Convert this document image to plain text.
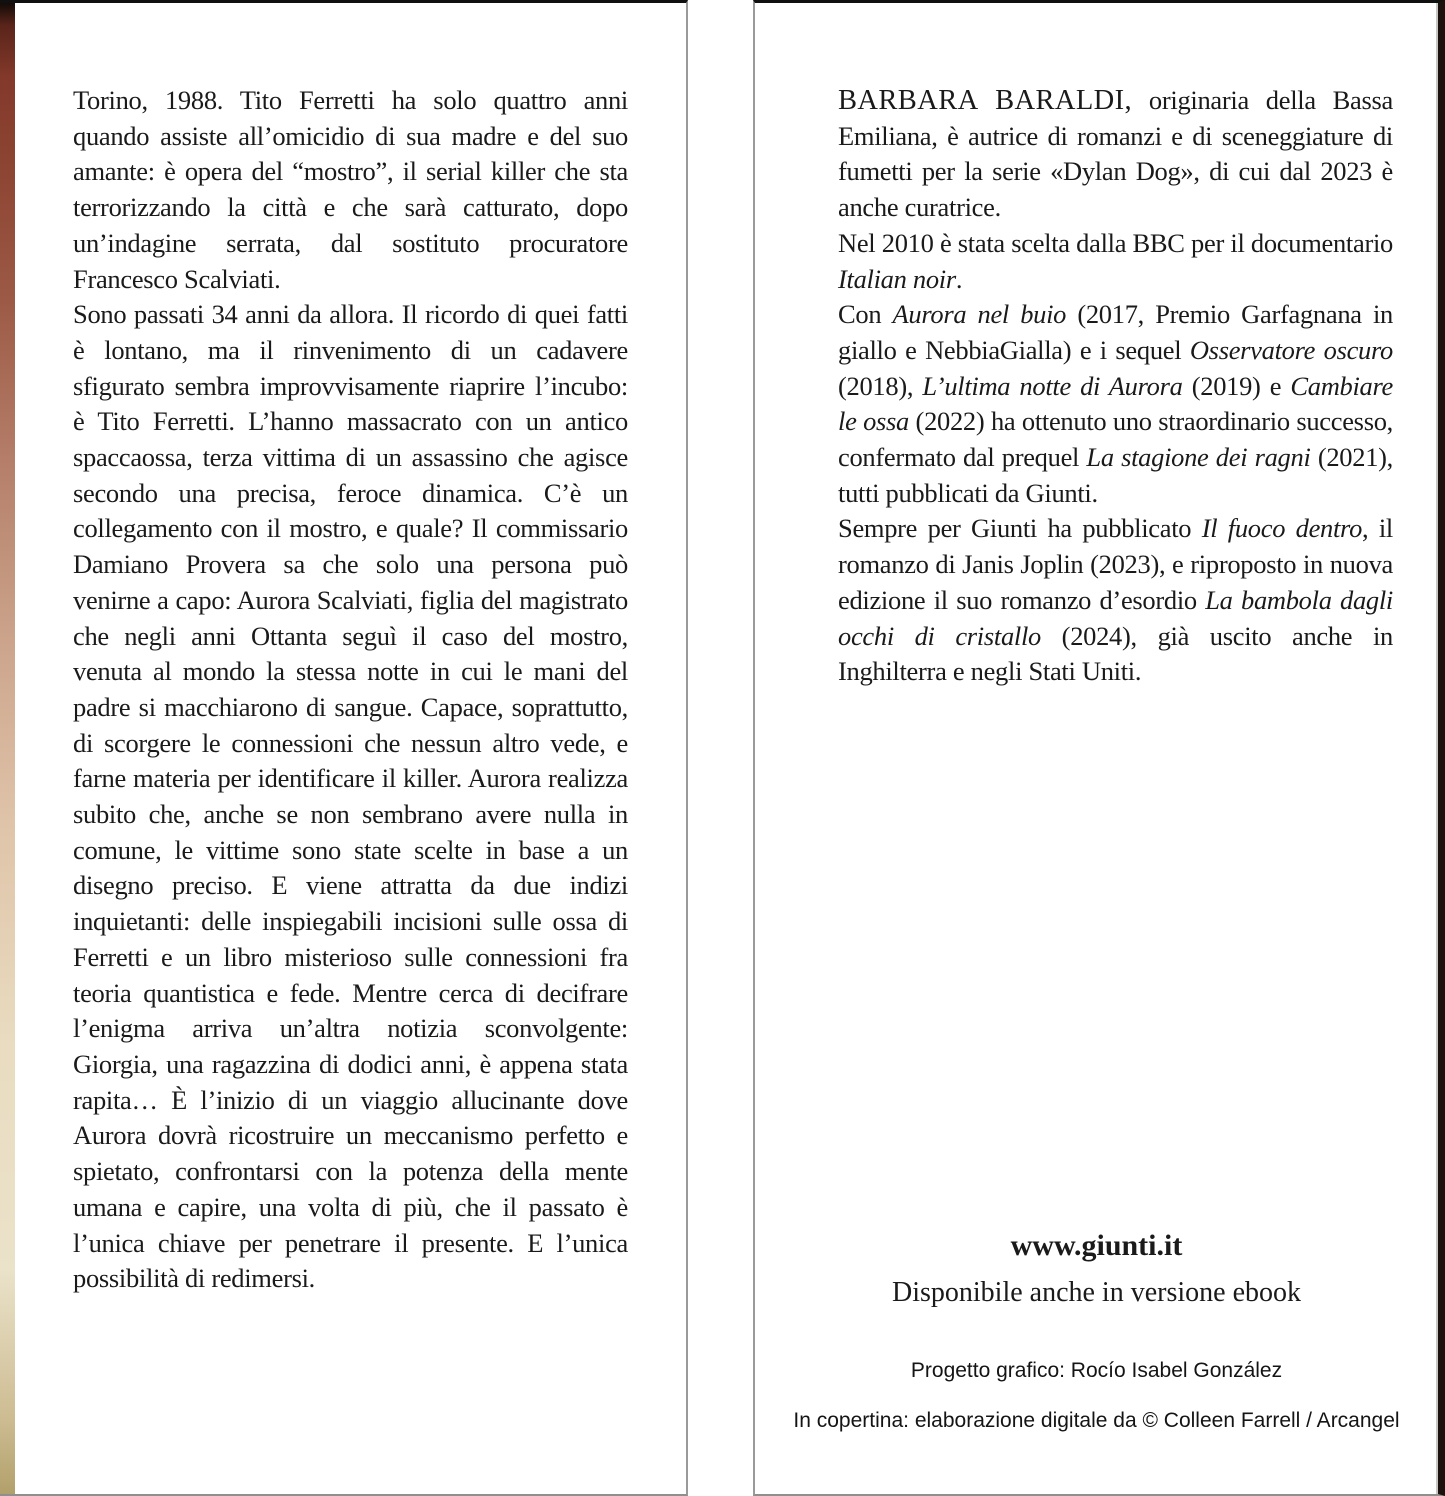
Torino, 1988. Tito Ferretti ha solo quattro anni quando assiste all’omicidio di sua madre e del suo amante: è opera del “mostro”, il serial killer che sta terrorizzando la città e che sarà catturato, dopo un’indagine serrata, dal sostituto procuratore Francesco Scalviati.

Sono passati 34 anni da allora. Il ricordo di quei fatti è lontano, ma il rinvenimento di un cadavere sfigurato sembra improvvisamente riaprire l’incubo: è Tito Ferretti. L’hanno massacrato con un antico spaccaossa, terza vittima di un assassino che agisce secondo una precisa, feroce dinamica. C’è un collegamento con il mostro, e quale? Il commissario Damiano Provera sa che solo una persona può venirne a capo: Aurora Scalviati, figlia del magistrato che negli anni Ottanta seguì il caso del mostro, venuta al mondo la stessa notte in cui le mani del padre si macchiarono di sangue. Capace, soprattutto, di scorgere le connessioni che nessun altro vede, e farne materia per identificare il killer. Aurora realizza subito che, anche se non sembrano avere nulla in comune, le vittime sono state scelte in base a un disegno preciso. E viene attratta da due indizi inquietanti: delle inspiegabili incisioni sulle ossa di Ferretti e un libro misterioso sulle connessioni fra teoria quantistica e fede. Mentre cerca di decifrare l’enigma arriva un’altra notizia sconvolgente: Giorgia, una ragazzina di dodici anni, è appena stata rapita… È l’inizio di un viaggio allucinante dove Aurora dovrà ricostruire un meccanismo perfetto e spietato, confrontarsi con la potenza della mente umana e capire, una volta di più, che il passato è l’unica chiave per penetrare il presente. E l’unica possibilità di redimersi.

BARBARA BARALDI, originaria della Bassa Emiliana, è autrice di romanzi e di sceneggiature di fumetti per la serie «Dylan Dog», di cui dal 2023 è anche curatrice.

Nel 2010 è stata scelta dalla BBC per il documentario Italian noir.

Con Aurora nel buio (2017, Premio Garfagnana in giallo e NebbiaGialla) e i sequel Osservatore oscuro (2018), L’ultima notte di Aurora (2019) e Cambiare le ossa (2022) ha ottenuto uno straordinario successo, confermato dal prequel La stagione dei ragni (2021), tutti pubblicati da Giunti.

Sempre per Giunti ha pubblicato Il fuoco dentro, il romanzo di Janis Joplin (2023), e riproposto in nuova edizione il suo romanzo d’esordio La bambola dagli occhi di cristallo (2024), già uscito anche in Inghilterra e negli Stati Uniti.

www.giunti.it
Disponibile anche in versione ebook
Progetto grafico: Rocío Isabel González
In copertina: elaborazione digitale da © Colleen Farrell / Arcangel
